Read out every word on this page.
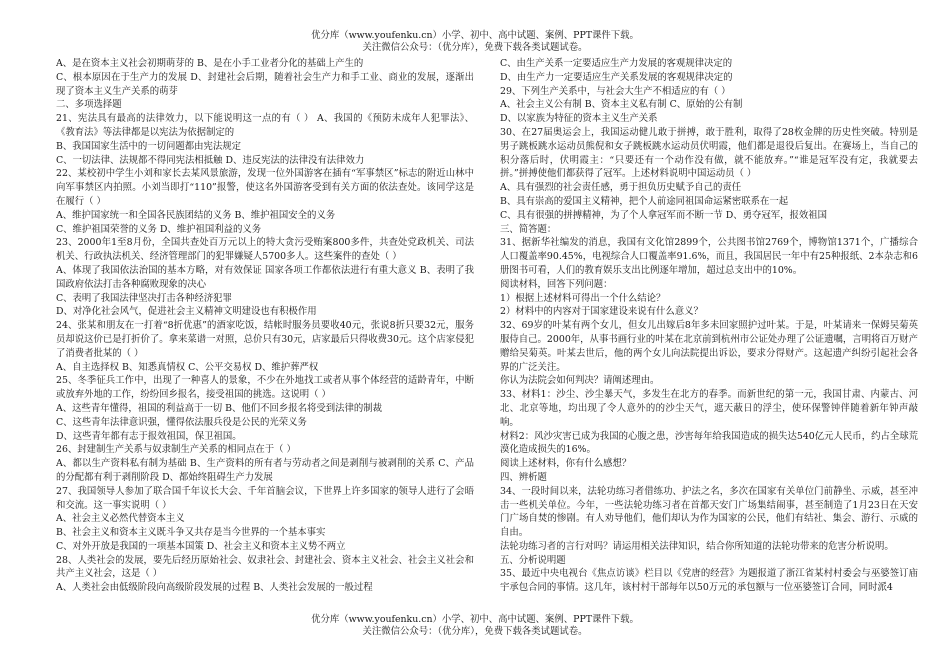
优分库（www.youfenku.cn）小学、初中、高中试题、案例、PPT课件下载。
关注微信公众号：（优分库），免费下载各类试题试卷。
A、是在资本主义社会初期萌芽的 B、是在小手工业者分化的基础上产生的
C、根本原因在于生产力的发展 D、封建社会后期，随着社会生产力和手工业、商业的发展，逐渐出现了资本主义生产关系的萌芽
二、多项选择题
21、宪法具有最高的法律效力，以下能说明这一点的有（ ） A、我国的《预防未成年人犯罪法》、《教育法》等法律都是以宪法为依据制定的
B、我国国家生活中的一切问题都由宪法规定
C、一切法律、法规都不得同宪法相抵触 D、违反宪法的法律没有法律效力
22、某校初中学生小刘和家长去某风景旅游，发现一位外国游客在插有“军事禁区”标志的附近山林中向军事禁区内拍照。小刘当即打“110”报警，使这名外国游客受到有关方面的依法查处。该同学这是在履行（ ）
A、维护国家统一和全国各民族团结的义务 B、维护祖国安全的义务
C、维护祖国荣誉的义务 D、维护祖国利益的义务
23、2000年1至8月份，全国共查处百万元以上的特大贪污受贿案800多件，共查处党政机关、司法机关、行政执法机关、经济管理部门的犯罪嫌疑人5700多人。这些案件的查处（ ）
A、体现了我国依法治国的基本方略，对有效保证 国家各项工作都依法进行有重大意义 B、表明了我国政府依法打击各种腐败现象的决心
C、表明了我国法律坚决打击各种经济犯罪
D、对净化社会风气，促进社会主义精神文明建设也有积极作用
24、张某和朋友在一打着“8折优惠”的酒家吃饭，结帐时服务员要收40元，张说8折只要32元，服务员却说这价已是打折价了。拿来菜谱一对照，总价只有30元，店家最后只得收费30元。这个店家侵犯了消费者批某的（ ）
A、自主选择权 B、知悉真情权 C、公平交易权 D、维护葬严权
25、冬季征兵工作中，出现了一种喜人的景象，不少在外地找工或者从事个体经营的适龄青年，中断或放弃外地的工作，纷纷回乡报名，接受祖国的挑选。这说明（ ）
A、这些青年懂得，祖国的利益高于一切 B、他们不回乡报名将受到法律的制裁
C、这些青年法律意识强，懂得依法服兵役是公民的光荣义务
D、这些青年都有志于报效祖国，保卫祖国。
26、封建制生产关系与奴隶制生产关系的相同点在于（ ）
A、都以生产资料私有制为基础 B、生产资料的所有者与劳动者之间是剥削与被剥削的关系 C、产品的分配都有利于剥削阶段 D、都始终阻碍生产力发展
27、我国领导人参加了联合国千年议长大会、千年首脑会议，下世界上许多国家的领导人进行了会晤和交流。这一事实说明（ ）
A、社会主义必然代替资本主义
B、社会主义和资本主义既斗争又共存是当今世界的一个基本事实
C、对外开放是我国的一项基本国策 D、社会主义和资本主义势不两立
28、人类社会的发展，要先后经历原始社会、奴隶社会、封建社会、资本主义社会、社会主义社会和共产主义社会，这是（ ）
A、人类社会由低级阶段向高级阶段发展的过程 B、人类社会发展的一般过程
C、由生产关系一定要适应生产力发展的客观规律决定的
D、由生产力一定要适应生产关系发展的客观规律决定的
29、下列生产关系中，与社会大生产不相适应的有（ ）
A、社会主义公有制 B、资本主义私有制 C、原始的公有制
D、以家族为特征的资本主义生产关系
30、在27届奥运会上，我国运动健儿敢于拼搏，敢于胜利，取得了28枚金牌的历史性突破。特别是男子跳板跳水运动员熊倪和女子跳板跳水运动员伏明霞，他们都是退役后复出。在赛场上，当自己的积分落后时，伏明霞主：“只要还有一个动作没有做，就不能放弃。”“谁是冠军没有定，我就要去拼。”拼搏使他们都获得了冠军。上述材料说明中国运动员（ ）
A、具有强烈的社会责任感，勇于担负历史赋予自己的责任
B、具有崇高的爱国主义精神，把个人前途同祖国命运紧密联系在一起
C、具有很强的拼搏精神，为了个人拿冠军而不断一节 D、勇夺冠军，报效祖国
三、简答题：
31、据新华社编发的消息，我国有文化馆2899个，公共图书馆2769个，博物馆1371个，广播综合人口覆盖率90.45%，电视综合人口覆盖率91.6%，而且，我国居民一年中有25种报纸、2本杂志和6册图书可看，人们的教育娱乐支出比例逐年增加，超过总支出中的10%。
阅读材料，回答下列问题：
1）根据上述材料可得出一个什么结论？
2）材料中的内容对于国家建设来说有什么意义？
32、69岁的叶某有两个女儿，但女儿出嫁后8年多未回家照护过叶某。于是，叶某请来一保姆吴菊英服侍自己。2000年，从事书画行业的叶某在北京前到杭州市公证处办理了公证遗嘱，言明将百万财产赠给吴菊英。叶某去世后，他的两个女儿向法院提出诉讼，要求分得财产。这起遗产纠纷引起社会各界的广泛关注。
你认为法院会如何判决？请阐述理由。
33、材料1：沙尘、沙尘暴天气，多发生在北方的春季。而新世纪的第一元，我国甘肃、内蒙古、河北、北京等地，均出现了令人意外的的沙尘天气，遮天蔽日的浮尘，使环保警钟伴随着新年钟声敲响。
材料2：风沙灾害已成为我国的心腹之患，沙害每年给我国造成的损失达540亿元人民币，约占全球荒漠化造成损失的16%。
阅读上述材料，你有什么感想？
四、辨析题
34、一段时间以来，法轮功练习者借练功、护法之名，多次在国家有关单位门前静坐、示威，甚至冲击一些机关单位。今年，一些法轮功练习者在首都天安门广场集结闹事，甚至制造了1月23日在天安门广场自焚的惨剧。有人劝导他们，他们却认为作为国家的公民，他们有结社、集会、游行、示威的自由。
法轮功练习者的言行对吗？请运用相关法律知识，结合你所知道的法轮功带来的危害分析说明。
五、分析说明题
35、最近中央电视台《焦点访谈》栏目以《党唐的经营》为题报道了浙江省某村村委会与巫婆签订庙宇承包合同的事情。这几年，该村村干部每年以50万元的承包额与一位巫婆签订合同，同时派4
优分库（www.youfenku.cn）小学、初中、高中试题、案例、PPT课件下载。
关注微信公众号：（优分库），免费下载各类试题试卷。
